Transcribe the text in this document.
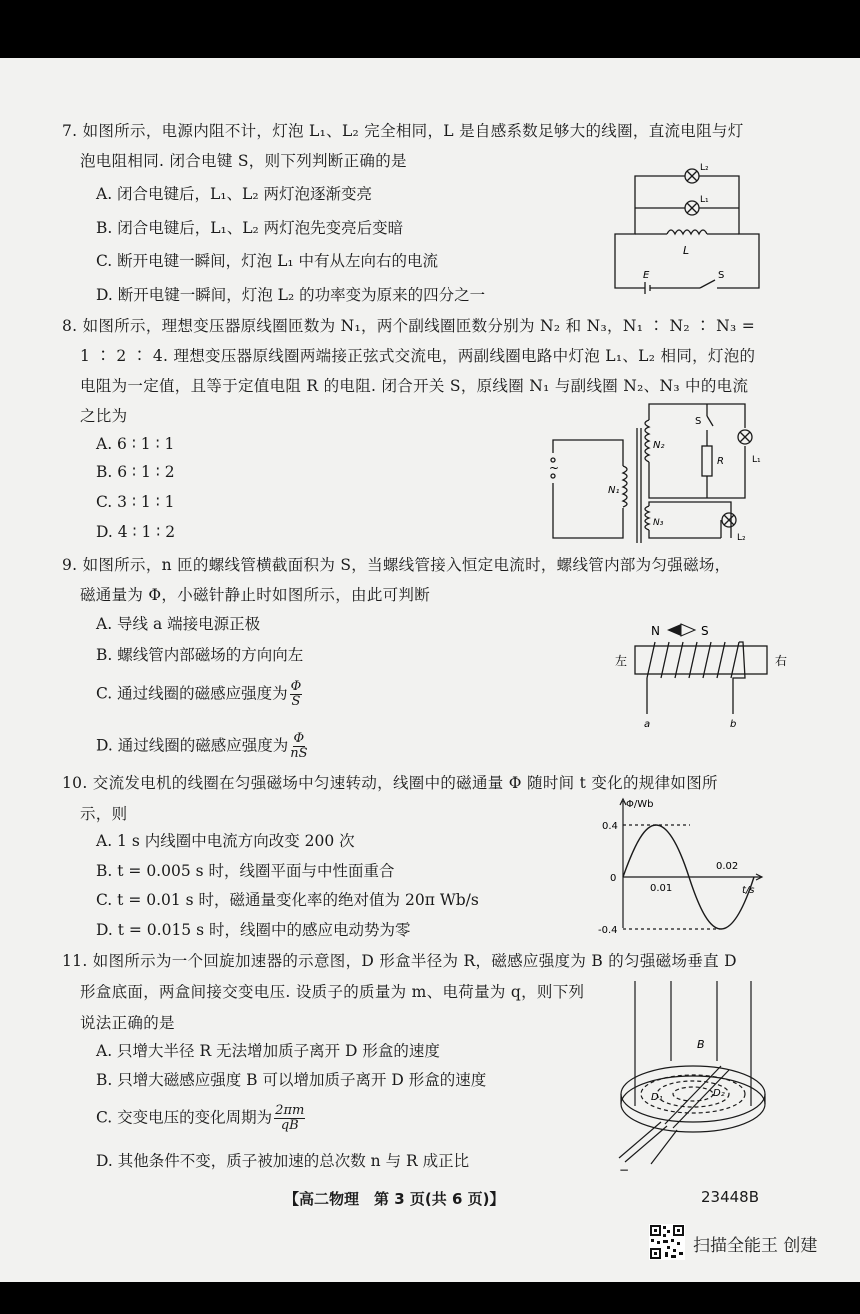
7. 如图所示，电源内阻不计，灯泡 L₁、L₂ 完全相同，L 是自感系数足够大的线圈，直流电阻与灯
泡电阻相同. 闭合电键 S，则下列判断正确的是
A. 闭合电键后，L₁、L₂ 两灯泡逐渐变亮
B. 闭合电键后，L₁、L₂ 两灯泡先变亮后变暗
C. 断开电键一瞬间，灯泡 L₁ 中有从左向右的电流
D. 断开电键一瞬间，灯泡 L₂ 的功率变为原来的四分之一
L₂
L₁
L
E	S
8. 如图所示，理想变压器原线圈匝数为 N₁，两个副线圈匝数分别为 N₂ 和 N₃，N₁ ∶ N₂ ∶ N₃ =
1 ∶ 2 ∶ 4. 理想变压器原线圈两端接正弦式交流电，两副线圈电路中灯泡 L₁、L₂ 相同，灯泡的
电阻为一定值，且等于定值电阻 R 的电阻. 闭合开关 S，原线圈 N₁ 与副线圈 N₂、N₃ 中的电流
之比为
A. 6 ∶ 1 ∶ 1
B. 6 ∶ 1 ∶ 2
C. 3 ∶ 1 ∶ 1
D. 4 ∶ 1 ∶ 2
~
N₁
N₂
N₃
S
R	L₁
L₂
9. 如图所示，n 匝的螺线管横截面积为 S，当螺线管接入恒定电流时，螺线管内部为匀强磁场，
磁通量为 Φ，小磁针静止时如图所示，由此可判断
A. 导线 a 端接电源正极
B. 螺线管内部磁场的方向向左
C. 通过线圈的磁感应强度为 $\frac{\Phi}{S}$
D. 通过线圈的磁感应强度为 $\frac{\Phi}{nS}$
N	S
左	右
a	b
10. 交流发电机的线圈在匀强磁场中匀速转动，线圈中的磁通量 Φ 随时间 t 变化的规律如图所
示，则
A. 1 s 内线圈中电流方向改变 200 次
B. t = 0.005 s 时，线圈平面与中性面重合
C. t = 0.01 s 时，磁通量变化率的绝对值为 20π Wb/s
D. t = 0.015 s 时，线圈中的感应电动势为零
Φ/Wb
t/s
0.4
-0.4
0
0.01
0.02
11. 如图所示为一个回旋加速器的示意图，D 形盒半径为 R，磁感应强度为 B 的匀强磁场垂直 D
形盒底面，两盒间接交变电压. 设质子的质量为 m、电荷量为 q，则下列
说法正确的是
A. 只增大半径 R 无法增加质子离开 D 形盒的速度
B. 只增大磁感应强度 B 可以增加质子离开 D 形盒的速度
C. 交变电压的变化周期为 $\frac{2\pi m}{qB}$
D. 其他条件不变，质子被加速的总次数 n 与 R 成正比
B
D₁	D₂
−
【高二物理　第 3 页(共 6 页)】	23448B
扫描全能王 创建
